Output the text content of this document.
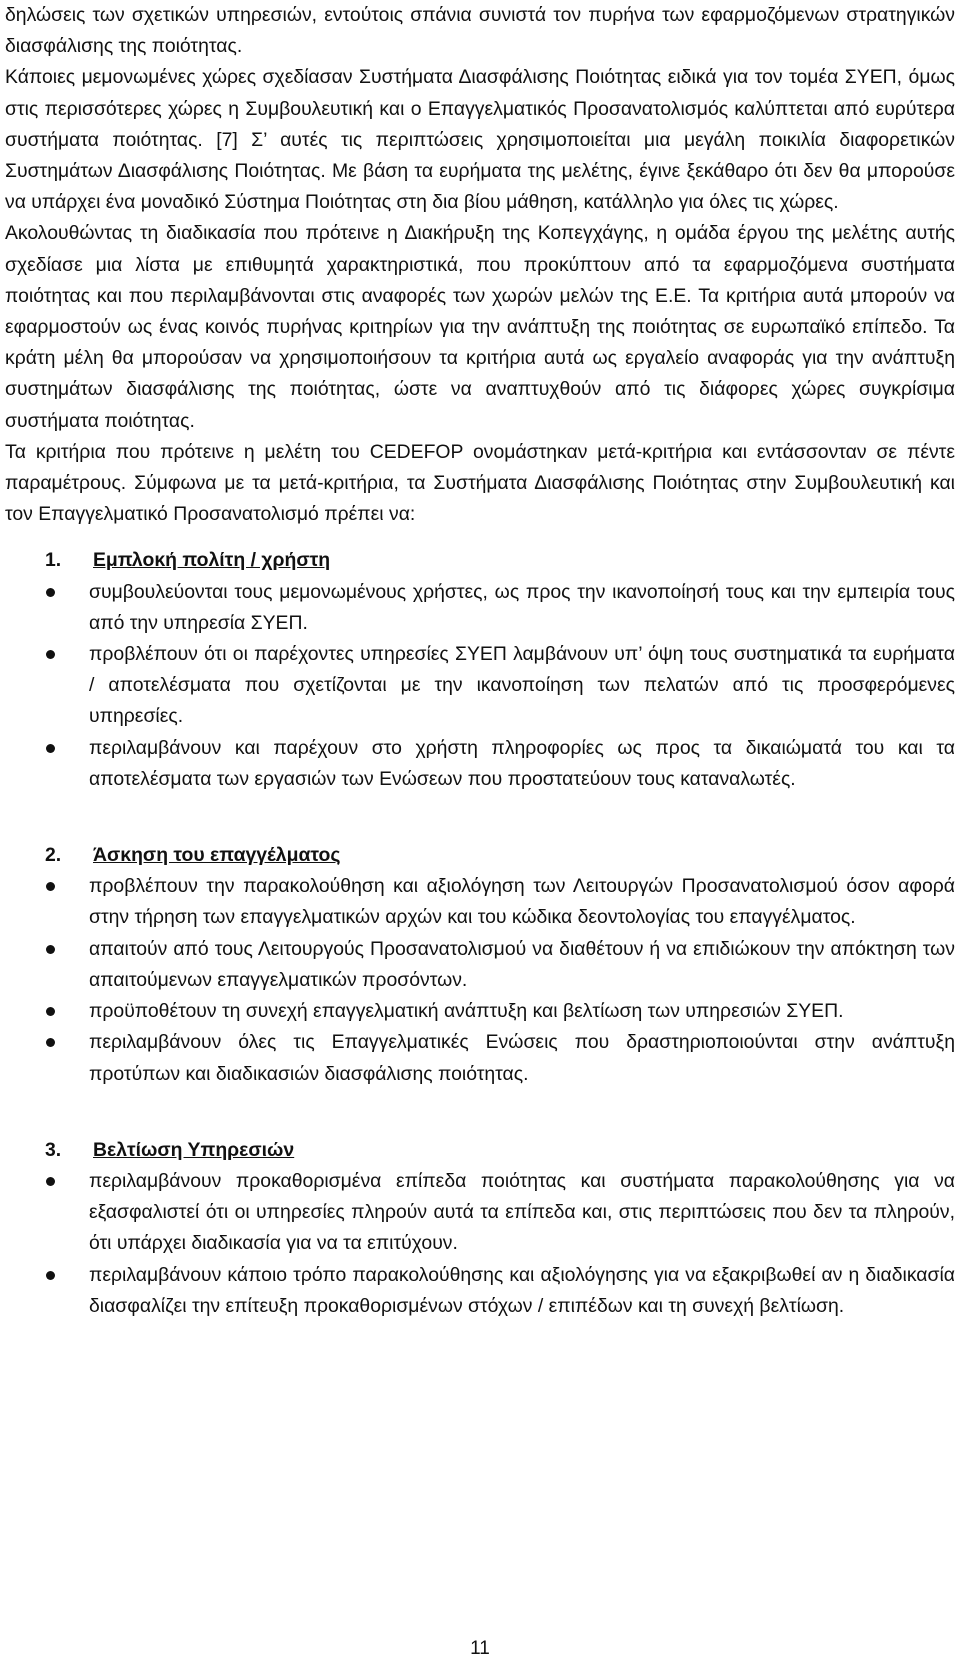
δηλώσεις των σχετικών υπηρεσιών, εντούτοις σπάνια συνιστά τον πυρήνα των εφαρμοζόμενων στρατηγικών διασφάλισης της ποιότητας.

Κάποιες μεμονωμένες χώρες σχεδίασαν Συστήματα Διασφάλισης Ποιότητας ειδικά για τον τομέα ΣΥΕΠ, όμως στις περισσότερες χώρες η Συμβουλευτική και ο Επαγγελματικός Προσανατολισμός καλύπτεται από ευρύτερα συστήματα ποιότητας. [7] Σ’ αυτές τις περιπτώσεις χρησιμοποιείται μια μεγάλη ποικιλία διαφορετικών Συστημάτων Διασφάλισης Ποιότητας. Με βάση τα ευρήματα της μελέτης, έγινε ξεκάθαρο ότι δεν θα μπορούσε να υπάρχει ένα μοναδικό Σύστημα Ποιότητας στη δια βίου μάθηση, κατάλληλο για όλες τις χώρες.

Ακολουθώντας τη διαδικασία που πρότεινε η Διακήρυξη της Κοπεγχάγης, η ομάδα έργου της μελέτης αυτής σχεδίασε μια λίστα με επιθυμητά χαρακτηριστικά, που προκύπτουν από τα εφαρμοζόμενα συστήματα ποιότητας και που περιλαμβάνονται στις αναφορές των χωρών μελών της Ε.Ε. Τα κριτήρια αυτά μπορούν να εφαρμοστούν ως ένας κοινός πυρήνας κριτηρίων για την ανάπτυξη της ποιότητας σε ευρωπαϊκό επίπεδο. Τα κράτη μέλη θα μπορούσαν να χρησιμοποιήσουν τα κριτήρια αυτά ως εργαλείο αναφοράς για την ανάπτυξη συστημάτων διασφάλισης της ποιότητας, ώστε να αναπτυχθούν από τις διάφορες χώρες συγκρίσιμα συστήματα ποιότητας.

Τα κριτήρια που πρότεινε η μελέτη του CEDEFOP ονομάστηκαν μετά-κριτήρια και εντάσσονταν σε πέντε παραμέτρους. Σύμφωνα με τα μετά-κριτήρια, τα Συστήματα Διασφάλισης Ποιότητας στην Συμβουλευτική και τον Επαγγελματικό Προσανατολισμό πρέπει να:

1.	Εμπλοκή πολίτη / χρήστη
συμβουλεύονται τους μεμονωμένους χρήστες, ως προς την ικανοποίησή τους και την εμπειρία τους από την υπηρεσία ΣΥΕΠ.
προβλέπουν ότι οι παρέχοντες υπηρεσίες ΣΥΕΠ λαμβάνουν υπ’ όψη τους συστηματικά τα ευρήματα / αποτελέσματα που σχετίζονται με την ικανοποίηση των πελατών από τις προσφερόμενες υπηρεσίες.
περιλαμβάνουν και παρέχουν στο χρήστη πληροφορίες ως προς τα δικαιώματά του και τα αποτελέσματα των εργασιών των Ενώσεων που προστατεύουν τους καταναλωτές.
2.	Άσκηση του επαγγέλματος
προβλέπουν την παρακολούθηση και αξιολόγηση των Λειτουργών Προσανατολισμού όσον αφορά στην τήρηση των επαγγελματικών αρχών και του κώδικα δεοντολογίας του επαγγέλματος.
απαιτούν από τους Λειτουργούς Προσανατολισμού να διαθέτουν ή να επιδιώκουν την απόκτηση των απαιτούμενων επαγγελματικών προσόντων.
προϋποθέτουν τη συνεχή επαγγελματική ανάπτυξη και βελτίωση των υπηρεσιών ΣΥΕΠ.
περιλαμβάνουν όλες τις Επαγγελματικές Ενώσεις που δραστηριοποιούνται στην ανάπτυξη προτύπων και διαδικασιών διασφάλισης ποιότητας.
3.	Βελτίωση Υπηρεσιών
περιλαμβάνουν προκαθορισμένα επίπεδα ποιότητας και συστήματα παρακολούθησης για να εξασφαλιστεί ότι οι υπηρεσίες πληρούν αυτά τα επίπεδα και, στις περιπτώσεις που δεν τα πληρούν, ότι υπάρχει διαδικασία για να τα επιτύχουν.
περιλαμβάνουν κάποιο τρόπο παρακολούθησης και αξιολόγησης για να εξακριβωθεί αν η διαδικασία διασφαλίζει την επίτευξη προκαθορισμένων στόχων / επιπέδων και τη συνεχή βελτίωση.
11
